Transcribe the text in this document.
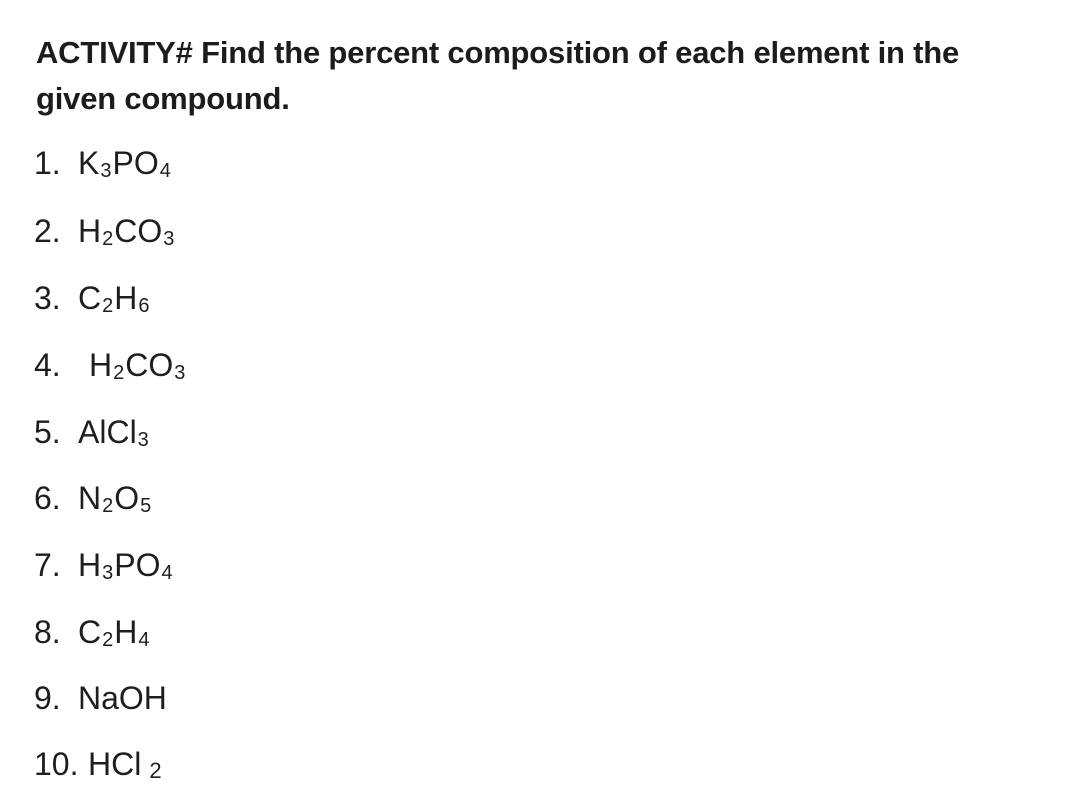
ACTIVITY# Find the percent composition of each element in the
given compound.

1. $K_3PO_4$
2. $H_2CO_3$
3. $C_2H_6$
4. $H_2CO_3$
5. AlCl$_3$
6. $N_2O_5$
7. $H_3PO_4$
8. $C_2H_4$
9. NaOH
10. HCl 2
